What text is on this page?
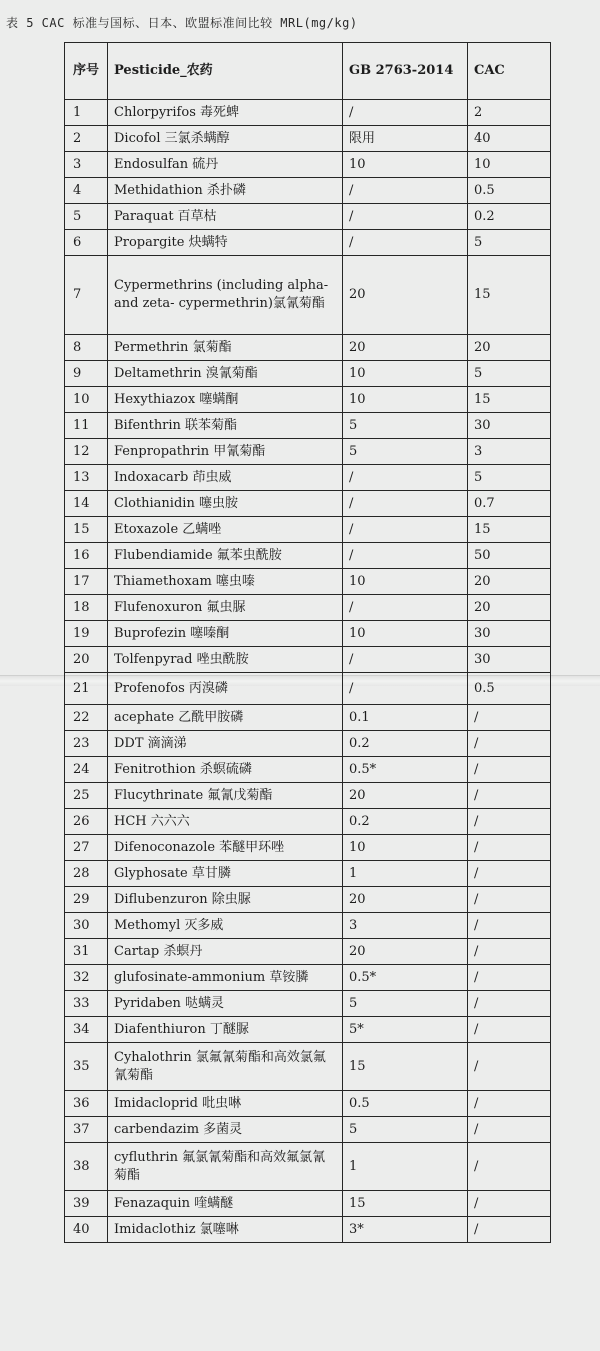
表 5 CAC 标准与国标、日本、欧盟标准间比较 MRL(mg/kg)
序号	Pesticide_农药	GB 2763-2014	CAC
1	Chlorpyrifos 毒死蜱	/	2
2	Dicofol 三氯杀螨醇	限用	40
3	Endosulfan 硫丹	10	10
4	Methidathion 杀扑磷	/	0.5
5	Paraquat 百草枯	/	0.2
6	Propargite 炔螨特	/	5
7	Cypermethrins (including alpha- and zeta- cypermethrin)氯氰菊酯	20	15
8	Permethrin 氯菊酯	20	20
9	Deltamethrin 溴氰菊酯	10	5
10	Hexythiazox 噻螨酮	10	15
11	Bifenthrin 联苯菊酯	5	30
12	Fenpropathrin 甲氰菊酯	5	3
13	Indoxacarb 茚虫威	/	5
14	Clothianidin 噻虫胺	/	0.7
15	Etoxazole 乙螨唑	/	15
16	Flubendiamide 氟苯虫酰胺	/	50
17	Thiamethoxam 噻虫嗪	10	20
18	Flufenoxuron 氟虫脲	/	20
19	Buprofezin 噻嗪酮	10	30
20	Tolfenpyrad 唑虫酰胺	/	30
21	Profenofos 丙溴磷	/	0.5
22	acephate 乙酰甲胺磷	0.1	/
23	DDT 滴滴涕	0.2	/
24	Fenitrothion 杀螟硫磷	0.5*	/
25	Flucythrinate 氟氰戊菊酯	20	/
26	HCH 六六六	0.2	/
27	Difenoconazole 苯醚甲环唑	10	/
28	Glyphosate 草甘膦	1	/
29	Diflubenzuron 除虫脲	20	/
30	Methomyl 灭多威	3	/
31	Cartap 杀螟丹	20	/
32	glufosinate-ammonium 草铵膦	0.5*	/
33	Pyridaben 哒螨灵	5	/
34	Diafenthiuron 丁醚脲	5*	/
35	Cyhalothrin 氯氟氰菊酯和高效氯氟氰菊酯	15	/
36	Imidacloprid 吡虫啉	0.5	/
37	carbendazim 多菌灵	5	/
38	cyfluthrin 氟氯氰菊酯和高效氟氯氰菊酯	1	/
39	Fenazaquin 喹螨醚	15	/
40	Imidaclothiz 氯噻啉	3*	/
